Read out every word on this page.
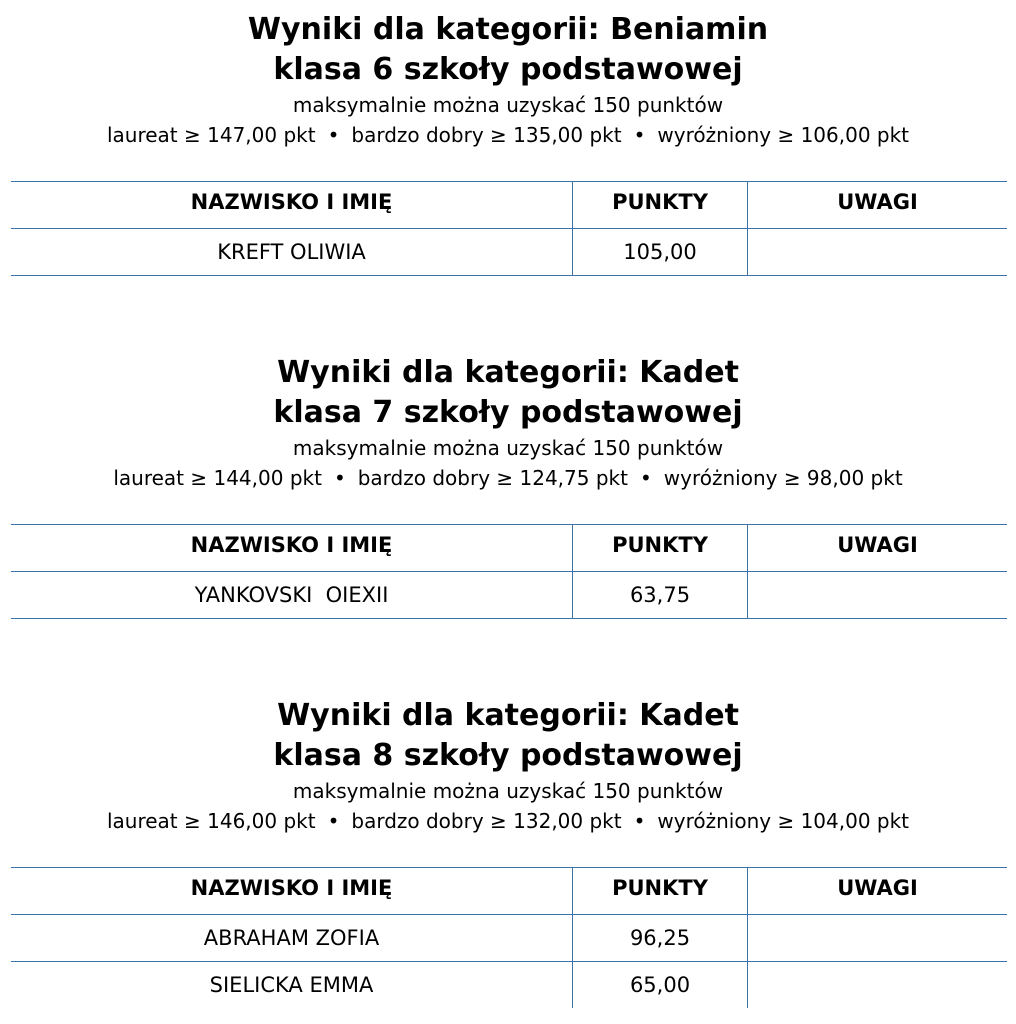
Wyniki dla kategorii: Beniamin
klasa 6 szkoły podstawowej

maksymalnie można uzyskać 150 punktów

laureat ≥ 147,00 pkt • bardzo dobry ≥ 135,00 pkt • wyróżniony ≥ 106,00 pkt

NAZWISKO I IMIĘ	PUNKTY	UWAGI
KREFT OLIWIA	105,00	
Wyniki dla kategorii: Kadet
klasa 7 szkoły podstawowej

maksymalnie można uzyskać 150 punktów

laureat ≥ 144,00 pkt • bardzo dobry ≥ 124,75 pkt • wyróżniony ≥ 98,00 pkt

NAZWISKO I IMIĘ	PUNKTY	UWAGI
YANKOVSKI  OIEXII	63,75	
Wyniki dla kategorii: Kadet
klasa 8 szkoły podstawowej

maksymalnie można uzyskać 150 punktów

laureat ≥ 146,00 pkt • bardzo dobry ≥ 132,00 pkt • wyróżniony ≥ 104,00 pkt

NAZWISKO I IMIĘ	PUNKTY	UWAGI
ABRAHAM ZOFIA	96,25	
SIELICKA EMMA	65,00	
